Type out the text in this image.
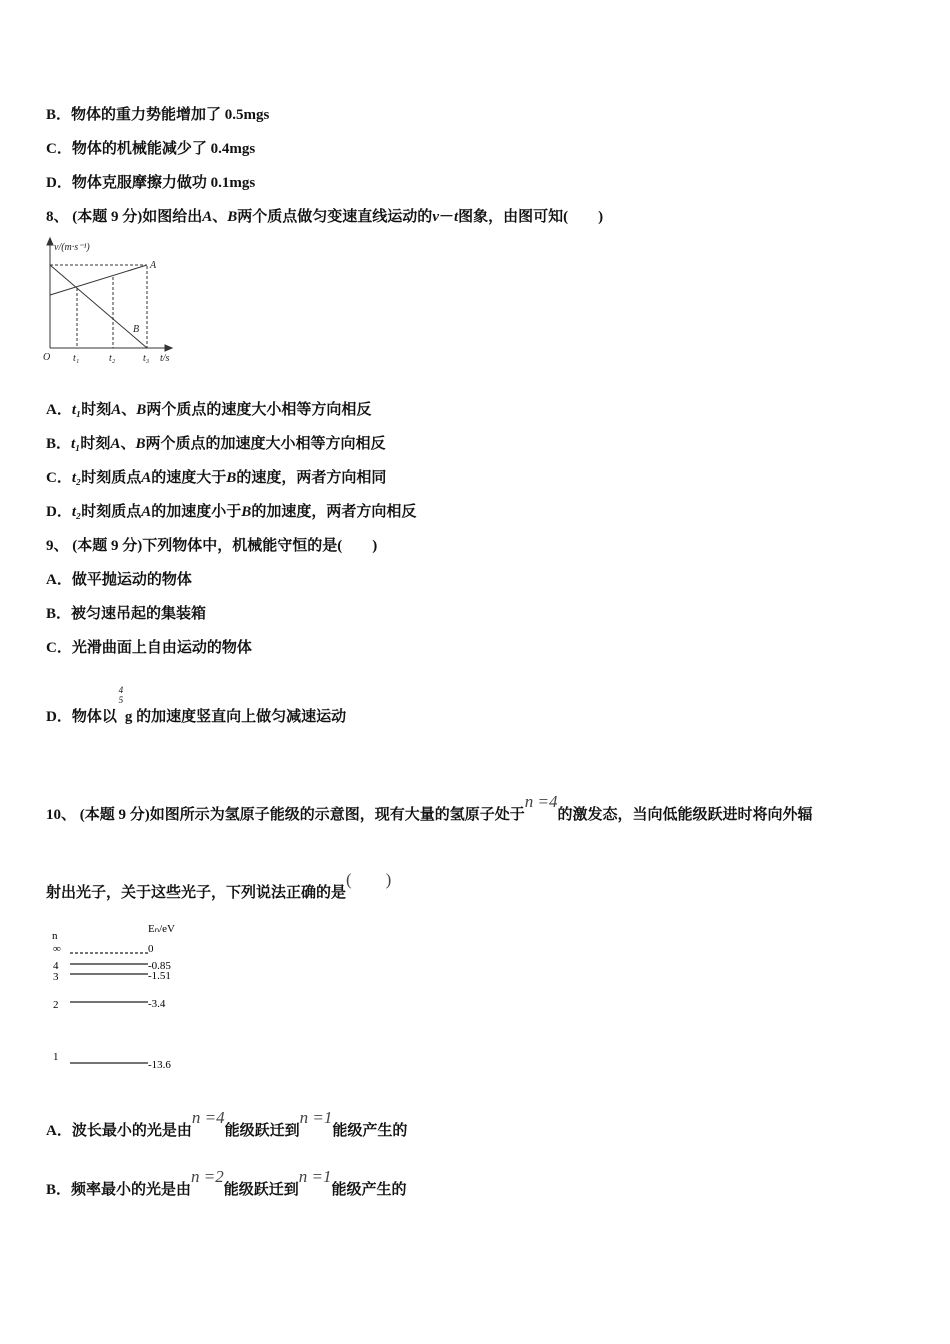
B．物体的重力势能增加了 0.5mgs
C．物体的机械能减少了 0.4mgs
D．物体克服摩擦力做功 0.1mgs
8、 (本题 9 分)如图给出A、B两个质点做匀变速直线运动的v－t图象，由图可知(　　)
v/(m·s⁻¹)
A
B
O t₁	t₂	t₃ t/s
A．t₁时刻A、B两个质点的速度大小相等方向相反
B．t₁时刻A、B两个质点的加速度大小相等方向相反
C．t₂时刻质点A的速度大于B的速度，两者方向相同
D．t₂时刻质点A的加速度小于B的加速度，两者方向相反
9、 (本题 9 分)下列物体中，机械能守恒的是(　　)
A．做平抛运动的物体
B．被匀速吊起的集装箱
C．光滑曲面上自由运动的物体
D．物体以4
5g 的加速度竖直向上做匀减速运动
10、 (本题 9 分)如图所示为氢原子能级的示意图，现有大量的氢原子处于n =4的激发态，当向低能级跃进时将向外辐
射出光子，关于这些光子，下列说法正确的是(　　)
n
Eₙ/eV
∞	0
4	-0.85
3	-1.51
2	-3.4
1
-13.6
A．波长最小的光是由n =4能级跃迁到n =1能级产生的
B．频率最小的光是由n =2能级跃迁到n =1能级产生的
